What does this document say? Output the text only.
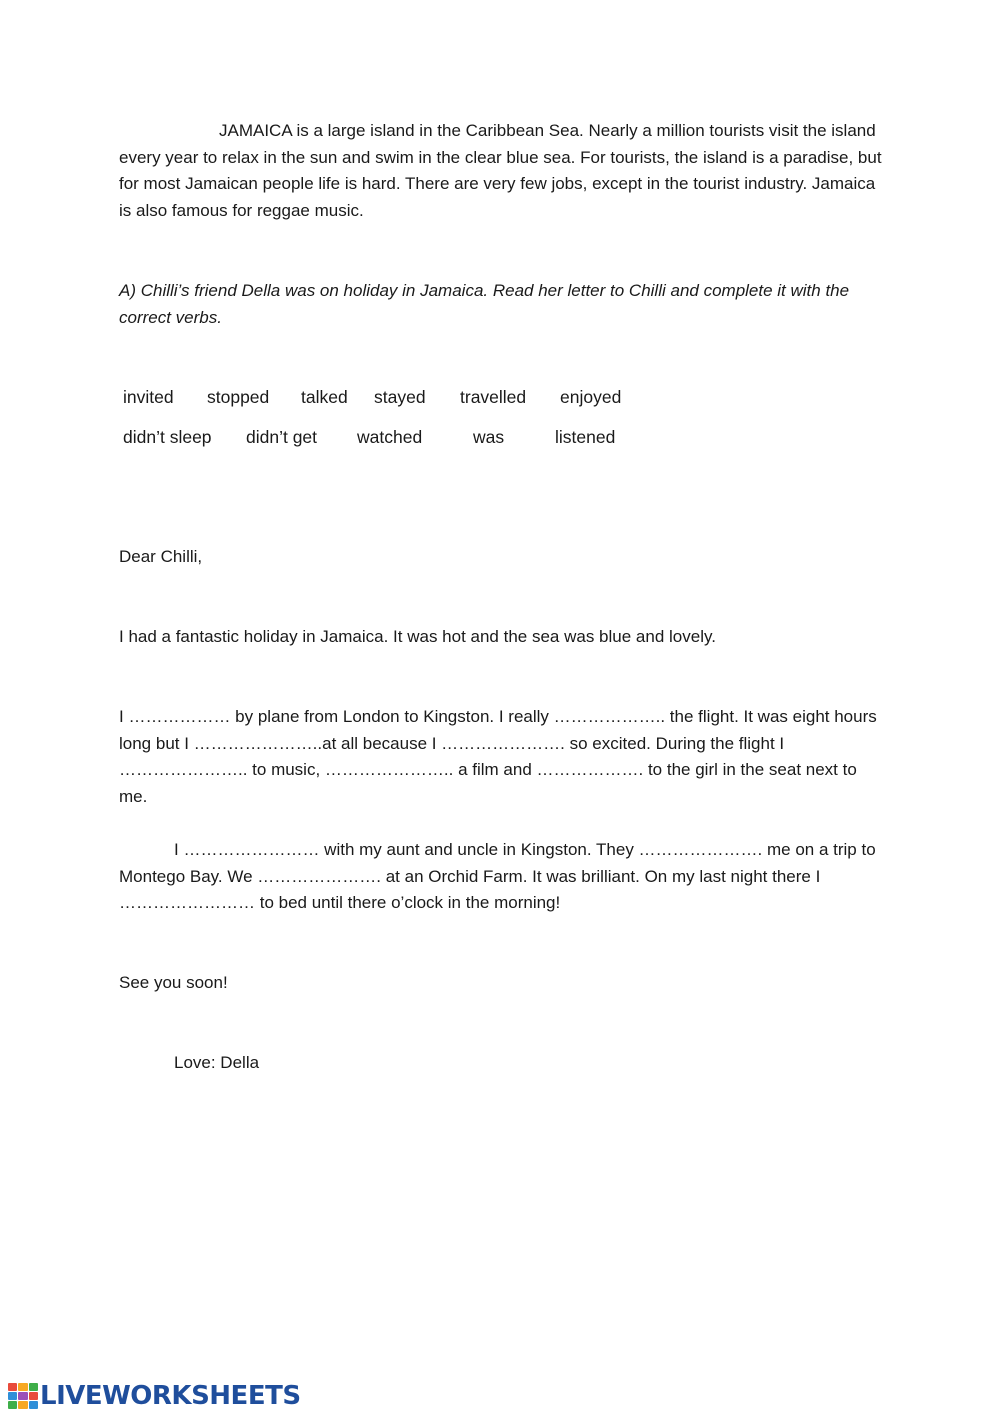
JAMAICA is a large island in the Caribbean Sea. Nearly a million tourists visit the island every year to relax in the sun and swim in the clear blue sea. For tourists, the island is a paradise, but for most Jamaican people life is hard. There are very few jobs, except in the tourist industry. Jamaica is also famous for reggae music.
A) Chilli’s friend Della was on holiday in Jamaica. Read her letter to Chilli and complete it with the correct verbs.
invited stopped talked stayed travelled enjoyed
didn’t sleep didn’t get watched	was	listened
Dear Chilli,
I had a fantastic holiday in Jamaica. It was hot and the sea was blue and lovely.
I ……………… by plane from London to Kingston. I really ……………….. the flight. It was eight hours long but I …………………..at all because I …………………. so excited. During the flight I ………………….. to music, ………………….. a film and ………………. to the girl in the seat next to me.
I …………………… with my aunt and uncle in Kingston. They …………………. me on a trip to Montego Bay. We …………………. at an Orchid Farm. It was brilliant. On my last night there I …………………… to bed until there o’clock in the morning!
See you soon!
Love: Della
LIVEWORKSHEETS
